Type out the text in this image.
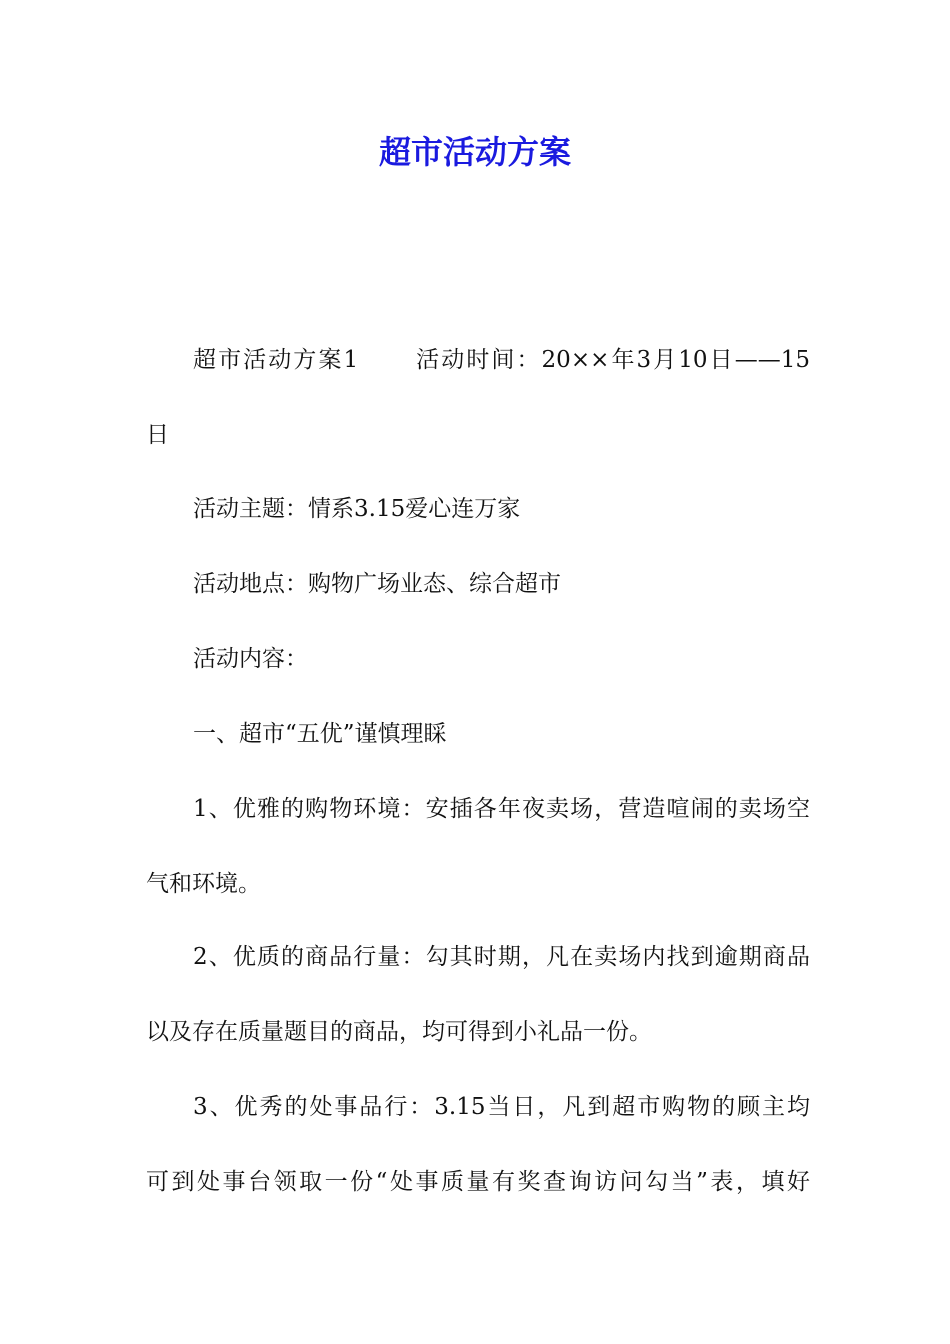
超市活动方案
超市活动方案1 活动时间：20××年3月10日——15
日
活动主题：情系3.15爱心连万家
活动地点：购物广场业态、综合超市
活动内容：
一、超市“五优”谨慎理睬
1、优雅的购物环境：安插各年夜卖场，营造喧闹的卖场空
气和环境。
2、优质的商品行量：勾其时期，凡在卖场内找到逾期商品
以及存在质量题目的商品，均可得到小礼品一份。
3、优秀的处事品行：3.15当日，凡到超市购物的顾主均
可到处事台领取一份“处事质量有奖查询访问勾当”表，填好
